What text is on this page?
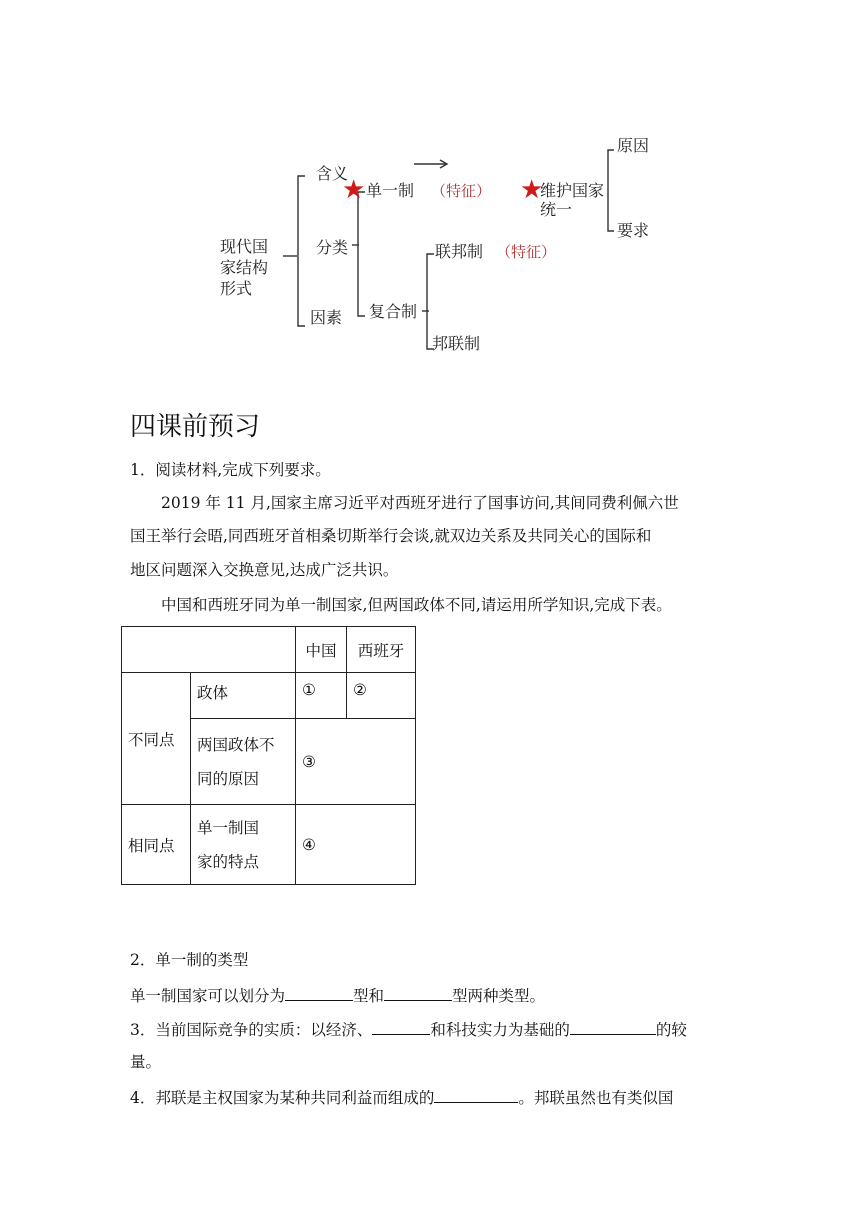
现代国
家结构
形式
含义
分类
因素
★ 单一制 （特征） ★
维护国家
统一
原因
要求
复合制
联邦制 （特征）
邦联制
四课前预习
1．阅读材料,完成下列要求。
2019 年 11 月,国家主席习近平对西班牙进行了国事访问,其间同费利佩六世
国王举行会晤,同西班牙首相桑切斯举行会谈,就双边关系及共同关心的国际和
地区问题深入交换意见,达成广泛共识。
中国和西班牙同为单一制国家,但两国政体不同,请运用所学知识,完成下表。
		中国	西班牙
不同点	政体	①	②

	两国政体不
同的原因	③	
相同点	单一制国
家的特点	④	
2．单一制的类型
单一制国家可以划分为	型和	型两种类型。
3．当前国际竞争的实质：以经济、	和科技实力为基础的	的较
量。
4．邦联是主权国家为某种共同利益而组成的	。邦联虽然也有类似国
